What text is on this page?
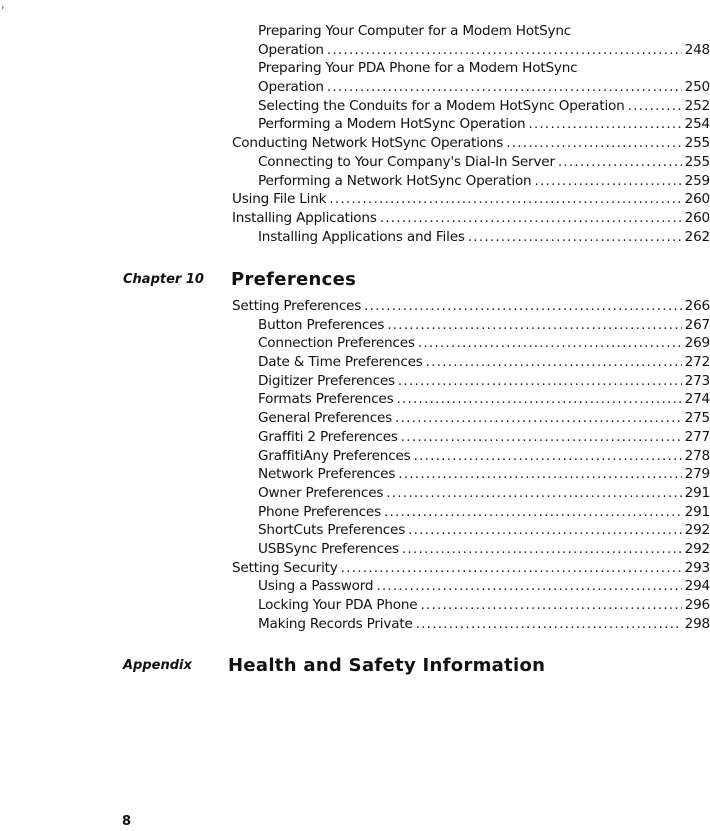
,
Preparing Your Computer for a Modem HotSync
Operation .....	248
Preparing Your PDA Phone for a Modem HotSync
Operation .....	250
Selecting the Conduits for a Modem HotSync Operation .....	252
Performing a Modem HotSync Operation .....	254
Conducting Network HotSync Operations .....	255
Connecting to Your Company's Dial-In Server .....	255
Performing a Network HotSync Operation .....	259
Using File Link .....	260
Installing Applications .....	260
Installing Applications and Files .....	262
Chapter 10 Preferences
Setting Preferences .....	266
Button Preferences .....	267
Connection Preferences .....	269
Date & Time Preferences .....	272
Digitizer Preferences .....	273
Formats Preferences .....	274
General Preferences .....	275
Graffiti 2 Preferences .....	277
GraffitiAny Preferences .....	278
Network Preferences .....	279
Owner Preferences .....	291
Phone Preferences .....	291
ShortCuts Preferences .....	292
USBSync Preferences .....	292
Setting Security .....	293
Using a Password .....	294
Locking Your PDA Phone .....	296
Making Records Private .....	298
Appendix Health and Safety Information
8
